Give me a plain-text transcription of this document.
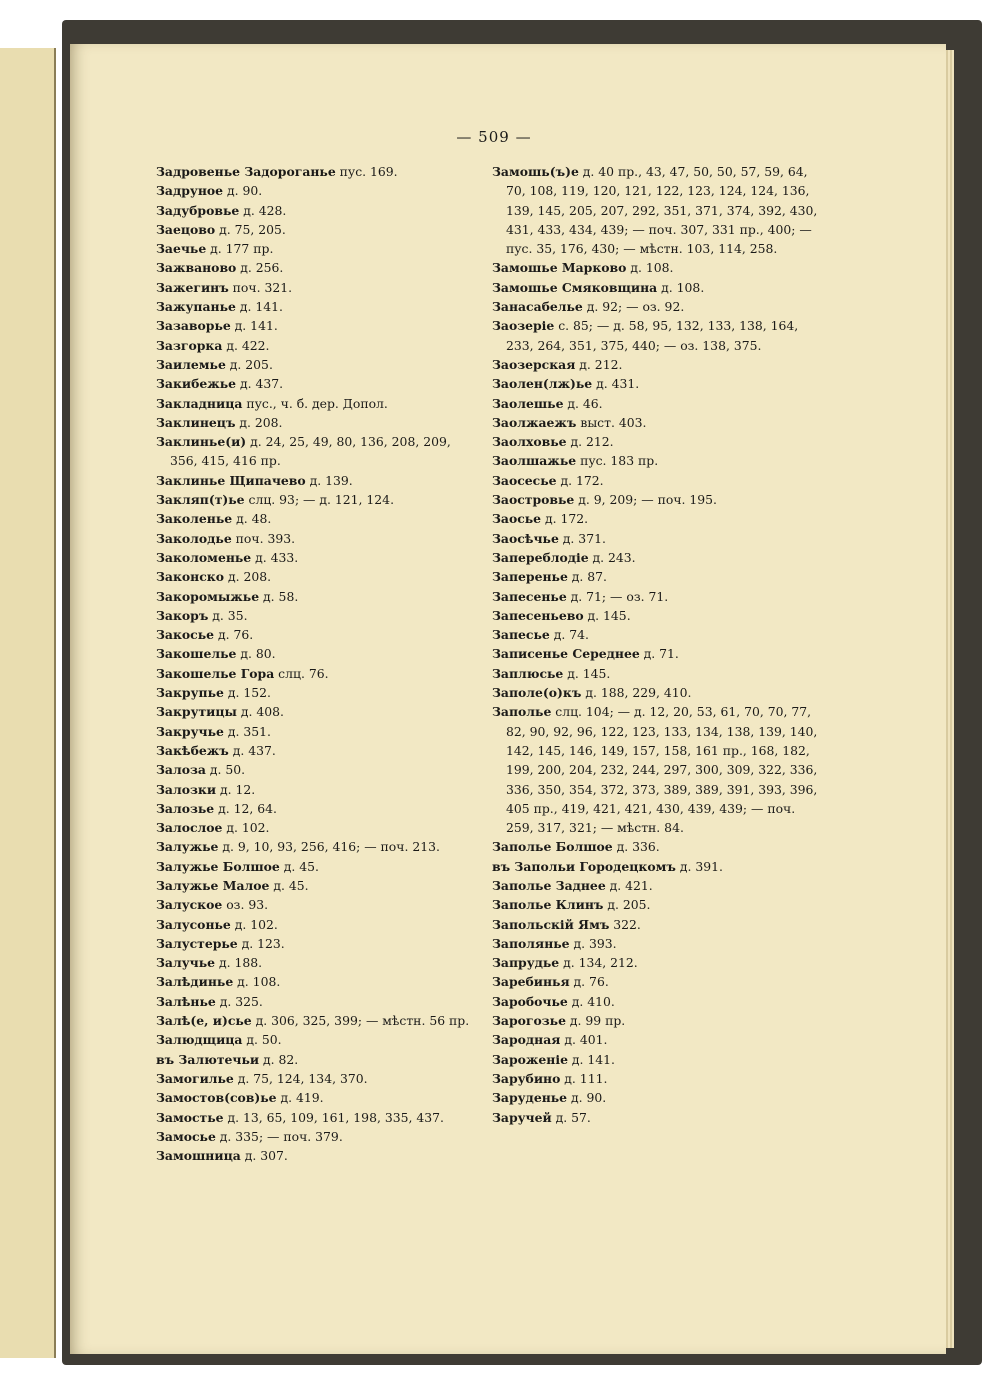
— 509 —
Задровенье Задороганье пус. 169.
Задруное д. 90.
Задубровье д. 428.
Заецово д. 75, 205.
Заечье д. 177 пр.
Зажваново д. 256.
Зажегинъ поч. 321.
Зажупанье д. 141.
Зазаворье д. 141.
Зазгорка д. 422.
Заилемье д. 205.
Закибежье д. 437.
Закладница пус., ч. б. дер. Допол.
Заклинецъ д. 208.
Заклинье(и) д. 24, 25, 49, 80, 136, 208, 209, 356, 415, 416 пр.
Заклинье Щипачево д. 139.
Закляп(т)ье слц. 93; — д. 121, 124.
Заколенье д. 48.
Заколодье поч. 393.
Заколоменье д. 433.
Законско д. 208.
Закоромыжье д. 58.
Закоръ д. 35.
Закосье д. 76.
Закошелье д. 80.
Закошелье Гора слц. 76.
Закрупье д. 152.
Закрутицы д. 408.
Закручье д. 351.
Закѣбежъ д. 437.
Залоза д. 50.
Залозки д. 12.
Залозье д. 12, 64.
Залослое д. 102.
Залужье д. 9, 10, 93, 256, 416; — поч. 213.
Залужье Болшое д. 45.
Залужье Малое д. 45.
Залуское оз. 93.
Залусонье д. 102.
Залустерье д. 123.
Залучье д. 188.
Залѣдинье д. 108.
Залѣнье д. 325.
Залѣ(е, и)сье д. 306, 325, 399; — мѣстн. 56 пр.
Залюдщица д. 50.
въ Залютечьи д. 82.
Замогилье д. 75, 124, 134, 370.
Замостов(сов)ье д. 419.
Замостье д. 13, 65, 109, 161, 198, 335, 437.
Замосье д. 335; — поч. 379.
Замошница д. 307.
Замошь(ъ)е д. 40 пр., 43, 47, 50, 50, 57, 59, 64, 70, 108, 119, 120, 121, 122, 123, 124, 124, 136, 139, 145, 205, 207, 292, 351, 371, 374, 392, 430, 431, 433, 434, 439; — поч. 307, 331 пр., 400; — пус. 35, 176, 430; — мѣстн. 103, 114, 258.
Замошье Марково д. 108.
Замошье Смяковщина д. 108.
Занасабелье д. 92; — оз. 92.
Заозеріе с. 85; — д. 58, 95, 132, 133, 138, 164, 233, 264, 351, 375, 440; — оз. 138, 375.
Заозерская д. 212.
Заолен(лж)ье д. 431.
Заолешье д. 46.
Заолжаежъ выст. 403.
Заолховье д. 212.
Заолшажье пус. 183 пр.
Заосесье д. 172.
Заостровье д. 9, 209; — поч. 195.
Заосье д. 172.
Заосѣчье д. 371.
Запереблодіе д. 243.
Заперенье д. 87.
Запесенье д. 71; — оз. 71.
Запесеньево д. 145.
Запесье д. 74.
Записенье Середнее д. 71.
Заплюсье д. 145.
Заполе(о)къ д. 188, 229, 410.
Заполье слц. 104; — д. 12, 20, 53, 61, 70, 70, 77, 82, 90, 92, 96, 122, 123, 133, 134, 138, 139, 140, 142, 145, 146, 149, 157, 158, 161 пр., 168, 182, 199, 200, 204, 232, 244, 297, 300, 309, 322, 336, 336, 350, 354, 372, 373, 389, 389, 391, 393, 396, 405 пр., 419, 421, 421, 430, 439, 439; — поч. 259, 317, 321; — мѣстн. 84.
Заполье Болшое д. 336.
въ Запольи Городецкомъ д. 391.
Заполье Заднее д. 421.
Заполье Клинъ д. 205.
Запольскій Ямъ 322.
Заполянье д. 393.
Запрудье д. 134, 212.
Заребинья д. 76.
Заробочье д. 410.
Зарогозье д. 99 пр.
Зародная д. 401.
Зароженіе д. 141.
Зарубино д. 111.
Заруденье д. 90.
Заручей д. 57.
